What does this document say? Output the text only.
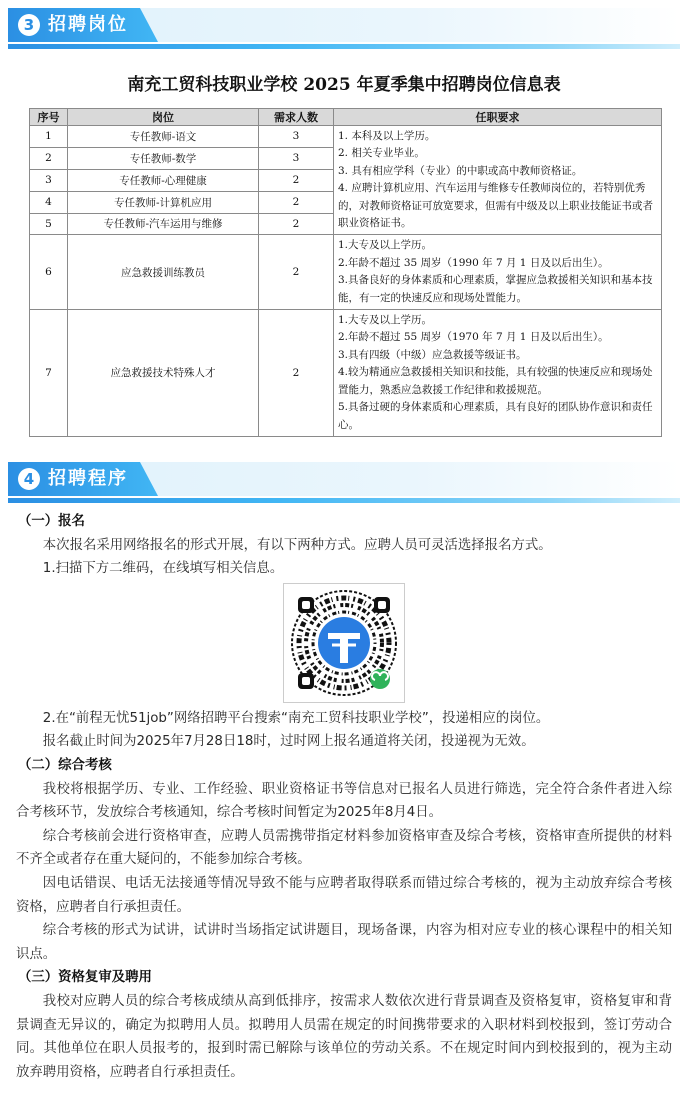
3 招聘岗位
南充工贸科技职业学校 2025 年夏季集中招聘岗位信息表
序号	岗位	需求人数	任职要求
1	专任教师-语文	3	1. 本科及以上学历。
2. 相关专业毕业。
3. 具有相应学科（专业）的中职或高中教师资格证。
4. 应聘计算机应用、汽车运用与维修专任教师岗位的，若特别优秀的，对教师资格证可放宽要求，但需有中级及以上职业技能证书或者职业资格证书。

2	专任教师-数学	3	
3	专任教师-心理健康	2	
4	专任教师-计算机应用	2	
5	专任教师-汽车运用与维修	2	
6	应急救援训练教员	2	1.大专及以上学历。
2.年龄不超过 35 周岁（1990 年 7 月 1 日及以后出生）。
3.具备良好的身体素质和心理素质，掌握应急救援相关知识和基本技能，有一定的快速反应和现场处置能力。

7	应急救援技术特殊人才	2	1.大专及以上学历。
2.年龄不超过 55 周岁（1970 年 7 月 1 日及以后出生）。
3.具有四级（中级）应急救援等级证书。
4.较为精通应急救援相关知识和技能，具有较强的快速反应和现场处置能力，熟悉应急救援工作纪律和救援规范。
5.具备过硬的身体素质和心理素质，具有良好的团队协作意识和责任心。
4 招聘程序
（一）报名
本次报名采用网络报名的形式开展，有以下两种方式。应聘人员可灵活选择报名方式。
1.扫描下方二维码，在线填写相关信息。
2.在“前程无忧51job”网络招聘平台搜索“南充工贸科技职业学校”，投递相应的岗位。
报名截止时间为2025年7月28日18时，过时网上报名通道将关闭，投递视为无效。
（二）综合考核
我校将根据学历、专业、工作经验、职业资格证书等信息对已报名人员进行筛选，完全符合条件者进入综合考核环节，发放综合考核通知，综合考核时间暂定为2025年8月4日。
综合考核前会进行资格审查，应聘人员需携带指定材料参加资格审查及综合考核，资格审查所提供的材料不齐全或者存在重大疑问的，不能参加综合考核。
因电话错误、电话无法接通等情况导致不能与应聘者取得联系而错过综合考核的，视为主动放弃综合考核资格，应聘者自行承担责任。
综合考核的形式为试讲，试讲时当场指定试讲题目，现场备课，内容为相对应专业的核心课程中的相关知识点。
（三）资格复审及聘用
我校对应聘人员的综合考核成绩从高到低排序，按需求人数依次进行背景调查及资格复审，资格复审和背景调查无异议的，确定为拟聘用人员。拟聘用人员需在规定的时间携带要求的入职材料到校报到，签订劳动合同。其他单位在职人员报考的，报到时需已解除与该单位的劳动关系。不在规定时间内到校报到的，视为主动放弃聘用资格，应聘者自行承担责任。
